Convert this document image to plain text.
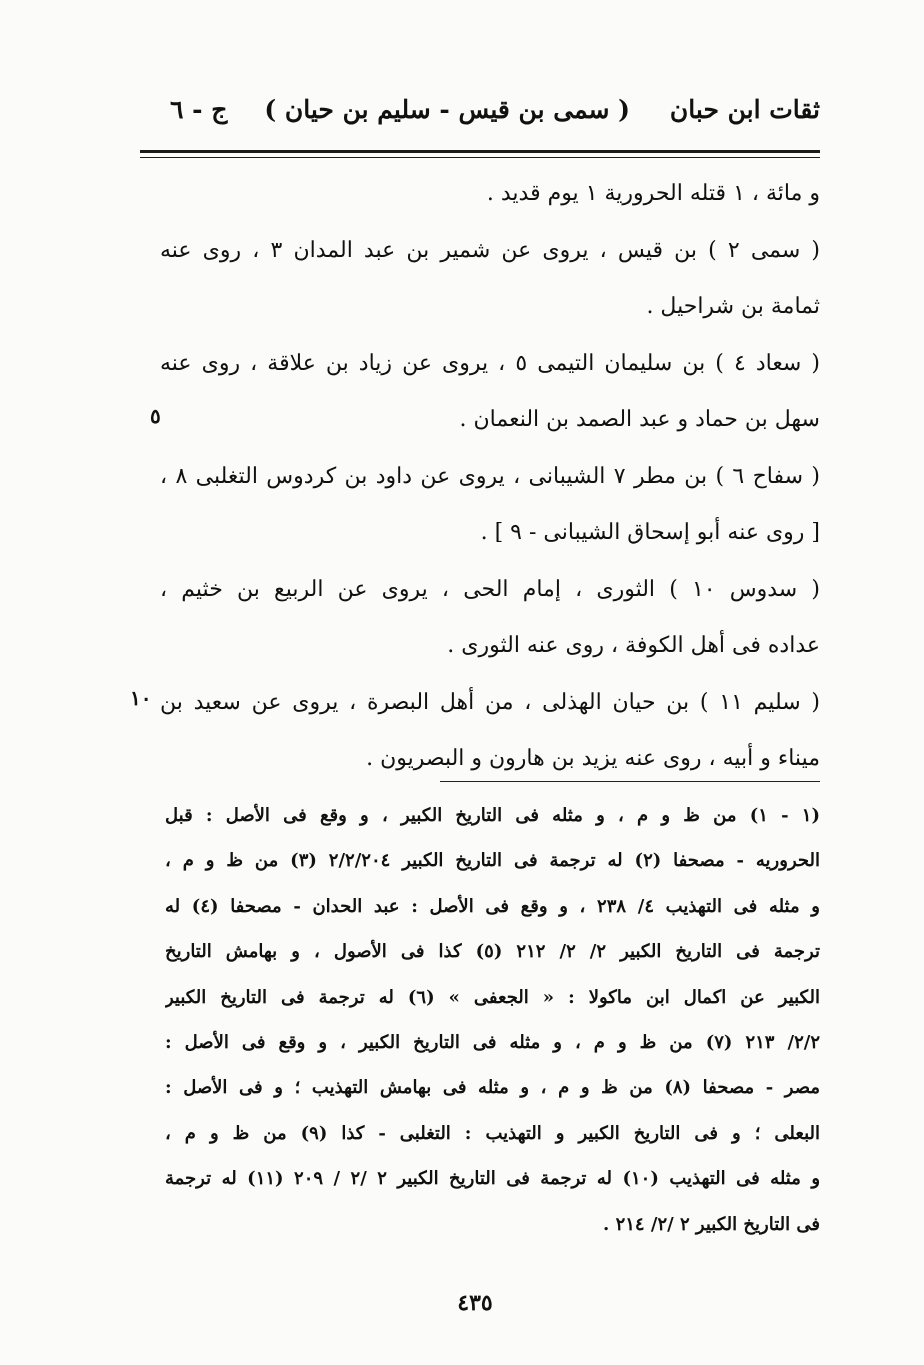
ثقات ابن حبان
( سمى بن قيس - سليم بن حيان )
ج - ٦
و مائة ، ١ قتله الحرورية ١ يوم قديد .
( سمى ٢ ) بن قيس ، يروى عن شمير بن عبد المدان ٣ ، روى عنه
ثمامة بن شراحيل .
( سعاد ٤ ) بن سليمان التيمى ٥ ، يروى عن زياد بن علاقة ، روى عنه
سهل بن حماد و عبد الصمد بن النعمان .
( سفاح ٦ ) بن مطر ٧ الشيبانى ، يروى عن داود بن كردوس التغلبى ٨ ،
[ روى عنه أبو إسحاق الشيبانى - ٩ ] .
( سدوس ١٠ ) الثورى ، إمام الحى ، يروى عن الربيع بن خثيم ،
عداده فى أهل الكوفة ، روى عنه الثورى .
( سليم ١١ ) بن حيان الهذلى ، من أهل البصرة ، يروى عن سعيد بن
ميناء و أبيه ، روى عنه يزيد بن هارون و البصريون .
٥
١٠
(١ - ١) من ظ و م ، و مثله فى التاريخ الكبير ، و وقع فى الأصل : قبل
الحروريه - مصحفا (٢) له ترجمة فى التاريخ الكبير ٢/٢/٢٠٤ (٣) من ظ و م ،
و مثله فى التهذيب ٤/ ٢٣٨ ، و وقع فى الأصل : عبد الحدان - مصحفا (٤) له
ترجمة فى التاريخ الكبير ٢/ ٢/ ٢١٢ (٥) كذا فى الأصول ، و بهامش التاريخ
الكبير عن اكمال ابن ماكولا : « الجعفى » (٦) له ترجمة فى التاريخ الكبير
٢/٢/ ٢١٣ (٧) من ظ و م ، و مثله فى التاريخ الكبير ، و وقع فى الأصل :
مصر - مصحفا (٨) من ظ و م ، و مثله فى بهامش التهذيب ؛ و فى الأصل :
البعلى ؛ و فى التاريخ الكبير و التهذيب : التغلبى - كذا (٩) من ظ و م ،
و مثله فى التهذيب (١٠) له ترجمة فى التاريخ الكبير ٢ /٢ / ٢٠٩ (١١) له ترجمة
فى التاريخ الكبير ٢ /٢/ ٢١٤ .
٤٣٥
